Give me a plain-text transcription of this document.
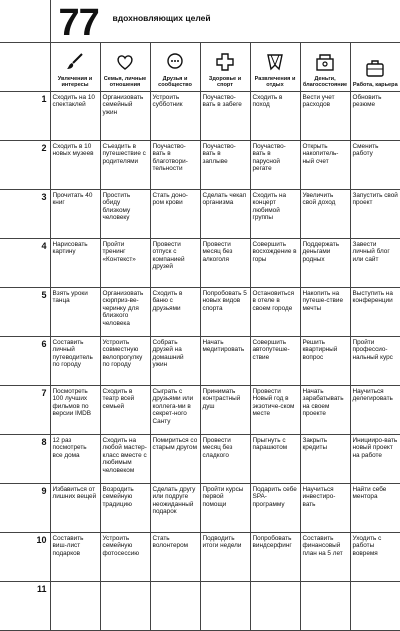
	77 вдохновляющих целей						

Увлечения и интересы	Семья, личные отношения	Друзья и сообщество	Здоровье и спорт	Развлечения и отдых	Деньги, благосостояние	Работа, карьера
1	Сходить на 10 спектаклей	Организовать семейный ужин	Устроить субботник	Поучаство-вать в забеге	Сходить в поход	Вести учет расходов	Обновить резюме
2	Сходить в 10 новых музеев	Съездить в путешествие с родителями	Поучаство-вать в благотвори-тельности	Поучаство-вать в заплыве	Поучаство-вать в парусной регате	Открыть накопитель-ный счет	Сменить работу
3	Прочитать 40 книг	Простить обиду близкому человеку	Стать доно-ром крови	Сделать чекап организма	Сходить на концерт любимой группы	Увеличить свой доход	Запустить свой проект
4	Нарисовать картину	Пройти тренинг «Контекст»	Провести отпуск с компанией друзей	Провести месяц без алкоголя	Совершить восхождение в горы	Поддержать деньгами родных	Завести личный блог или сайт
5	Взять уроки танца	Организовать сюрприз-ве-черинку для близкого человека	Сходить в баню с друзьями	Попробовать 5 новых видов спорта	Остановиться в отеле в своем городе	Накопить на путеше-ствие мечты	Выступить на конференции
6	Составить личный путеводитель по городу	Устроить совместную велопрогулку по городу	Собрать друзей на домашний ужин	Начать медитировать	Совершить автопутеше-ствие	Решить квартирный вопрос	Пройти профессио-нальный курс
7	Посмотреть 100 лучших фильмов по версии IMDB	Сходить в театр всей семьей	Сыграть с друзьями или коллега-ми в секрет-ного Санту	Принимать контрастный душ	Провести Новый год в экзотиче-ском месте	Начать зарабатывать на своем проекте	Научиться делегировать
8	12 раз посмотреть все дома	Сходить на любой мастер-класс вместе с любимым человеком	Помириться со старым другом	Провести месяц без сладкого	Прыгнуть с парашютом	Закрыть кредиты	Иницииро-вать новый проект на работе
9	Избавиться от лишних вещей	Возродить семейную традицию	Сделать другу или подруге неожиданный подарок	Пройти курсы первой помощи	Подарить себе SPA-программу	Научиться инвестиро-вать	Найти себе ментора
10	Составить виш-лист подарков	Устроить семейную фотосессию	Стать волонтером	Подводить итоги недели	Попробовать виндсерфинг	Составить финансовый план на 5 лет	Уходить с работы вовремя
11							
